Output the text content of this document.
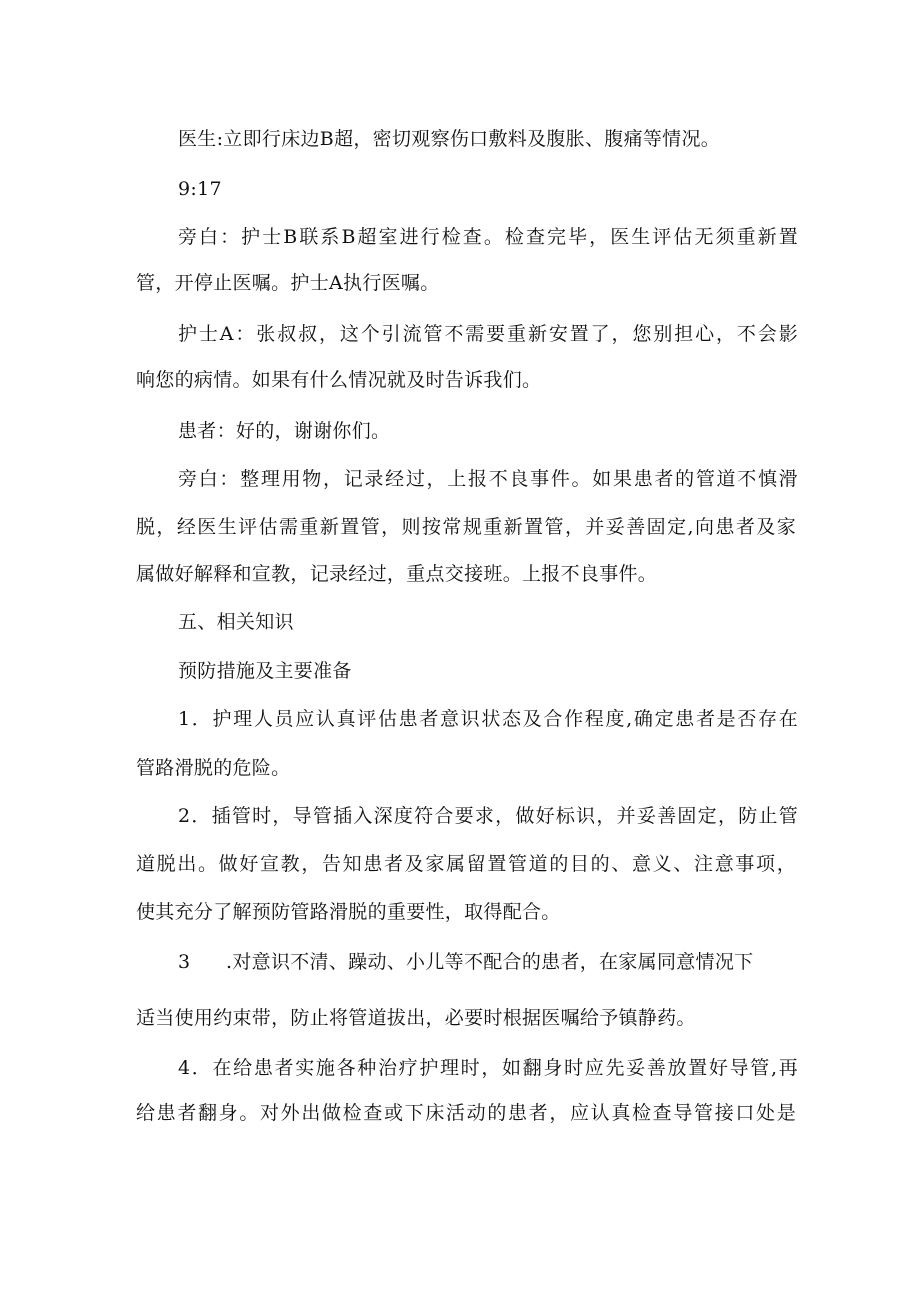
医生:立即行床边B超，密切观察伤口敷料及腹胀、腹痛等情况。
9:17
旁白：护士B联系B超室进行检查。检查完毕，医生评估无须重新置
管，开停止医嘱。护士A执行医嘱。
护士A：张叔叔，这个引流管不需要重新安置了，您别担心，不会影
响您的病情。如果有什么情况就及时告诉我们。
患者：好的，谢谢你们。
旁白：整理用物，记录经过，上报不良事件。如果患者的管道不慎滑
脱，经医生评估需重新置管，则按常规重新置管，并妥善固定,向患者及家
属做好解释和宣教，记录经过，重点交接班。上报不良事件。
五、相关知识
预防措施及主要准备
1．护理人员应认真评估患者意识状态及合作程度,确定患者是否存在
管路滑脱的危险。
2．插管时，导管插入深度符合要求，做好标识，并妥善固定，防止管
道脱出。做好宣教，告知患者及家属留置管道的目的、意义、注意事项，
使其充分了解预防管路滑脱的重要性，取得配合。
3 .对意识不清、躁动、小儿等不配合的患者，在家属同意情况下
适当使用约束带，防止将管道拔出，必要时根据医嘱给予镇静药。
4．在给患者实施各种治疗护理时，如翻身时应先妥善放置好导管,再
给患者翻身。对外出做检查或下床活动的患者，应认真检查导管接口处是
